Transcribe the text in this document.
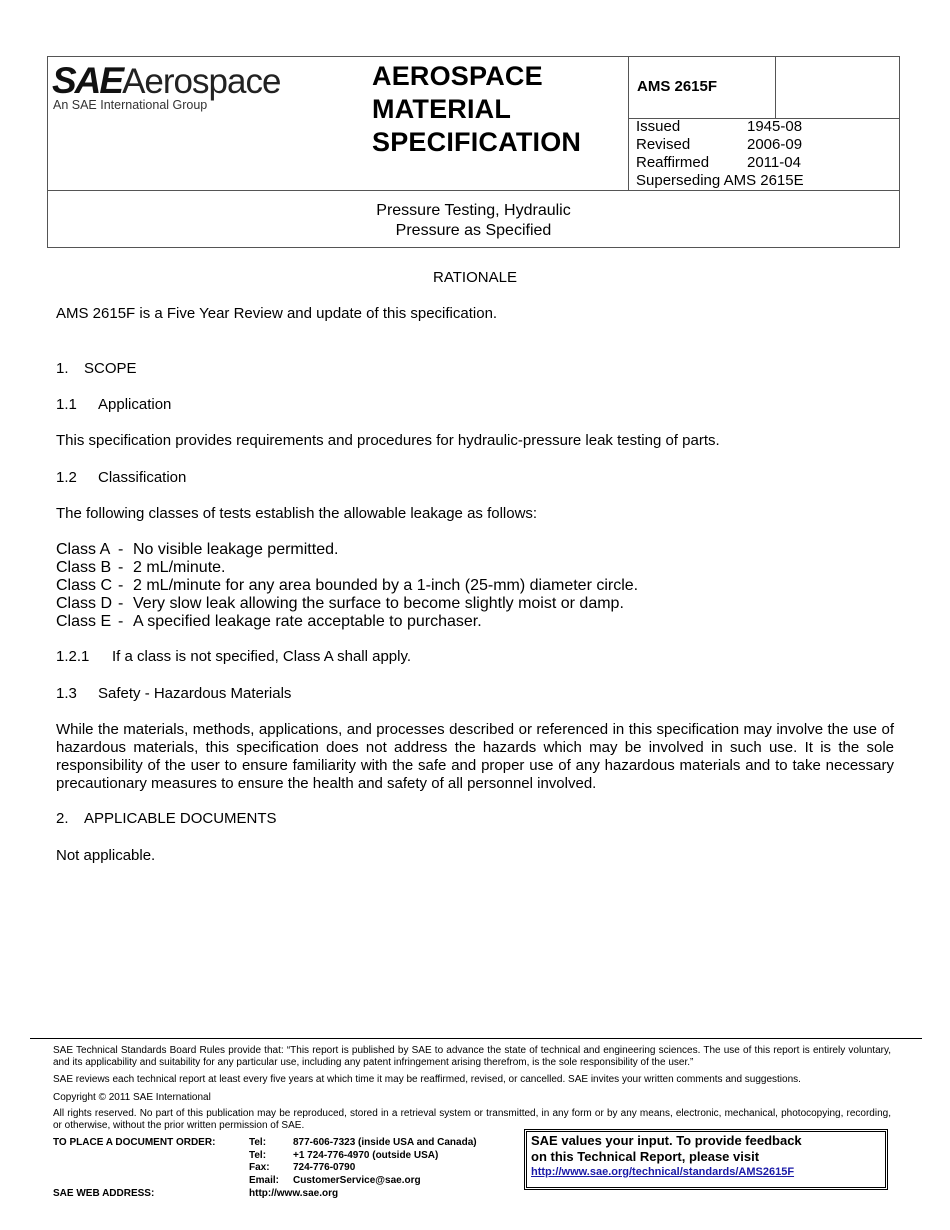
SAEAerospace
An SAE International Group
AEROSPACE
MATERIAL
SPECIFICATION
AMS 2615F
Issued	1945-08
Revised	2006-09
Reaffirmed	2011-04
Superseding AMS 2615E
Pressure Testing, Hydraulic
Pressure as Specified
RATIONALE
AMS 2615F is a Five Year Review and update of this specification.
1. SCOPE
1.1 Application
This specification provides requirements and procedures for hydraulic-pressure leak testing of parts.
1.2 Classification
The following classes of tests establish the allowable leakage as follows:
Class A - No visible leakage permitted.
Class B - 2 mL/minute.
Class C - 2 mL/minute for any area bounded by a 1-inch (25-mm) diameter circle.
Class D - Very slow leak allowing the surface to become slightly moist or damp.
Class E - A specified leakage rate acceptable to purchaser.
1.2.1 If a class is not specified, Class A shall apply.
1.3 Safety - Hazardous Materials
While the materials, methods, applications, and processes described or referenced in this specification may involve the use of hazardous materials, this specification does not address the hazards which may be involved in such use. It is the sole responsibility of the user to ensure familiarity with the safe and proper use of any hazardous materials and to take necessary precautionary measures to ensure the health and safety of all personnel involved.
2. APPLICABLE DOCUMENTS
Not applicable.
SAE Technical Standards Board Rules provide that: “This report is published by SAE to advance the state of technical and engineering sciences. The use of this report is entirely voluntary, and its applicability and suitability for any particular use, including any patent infringement arising therefrom, is the sole responsibility of the user.”
SAE reviews each technical report at least every five years at which time it may be reaffirmed, revised, or cancelled. SAE invites your written comments and suggestions.
Copyright © 2011 SAE International
All rights reserved. No part of this publication may be reproduced, stored in a retrieval system or transmitted, in any form or by any means, electronic, mechanical, photocopying, recording, or otherwise, without the prior written permission of SAE.
TO PLACE A DOCUMENT ORDER:	Tel:	877-606-7323 (inside USA and Canada)
Tel:	+1 724-776-4970 (outside USA)
Fax: 724-776-0790
Email: CustomerService@sae.org
SAE WEB ADDRESS:	http://www.sae.org
SAE values your input. To provide feedback
on this Technical Report, please visit
http://www.sae.org/technical/standards/AMS2615F
